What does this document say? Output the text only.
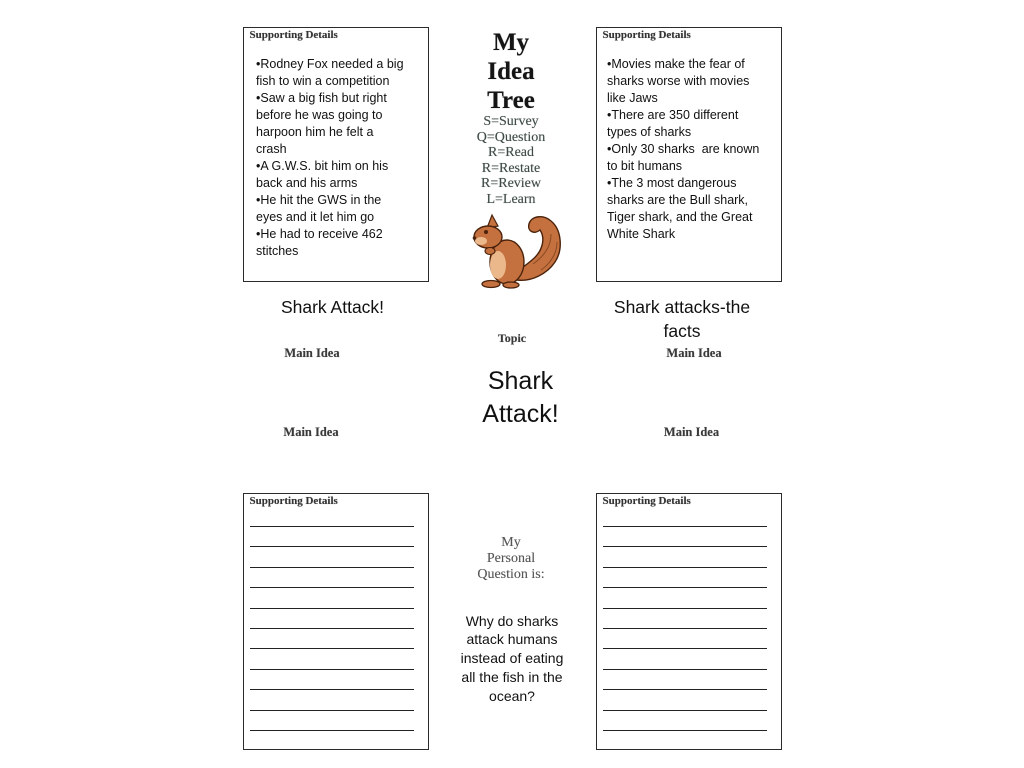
Supporting Details
•Rodney Fox needed a big
fish to win a competition
•Saw a big fish but right
before he was going to
harpoon him he felt a
crash
•A G.W.S. bit him on his
back and his arms
•He hit the GWS in the
eyes and it let him go
•He had to receive 462
stitches
Supporting Details
•Movies make the fear of
sharks worse with movies
like Jaws
•There are 350 different
types of sharks
•Only 30 sharks  are known
to bit humans
•The 3 most dangerous
sharks are the Bull shark,
Tiger shark, and the Great
White Shark
Supporting Details	Supporting Details
My
Idea
Tree
S=Survey
Q=Question
R=Read
R=Restate
R=Review
L=Learn
Shark Attack!	Shark attacks-the
facts
Topic
Main Idea	Main Idea
Main Idea	Main Idea
Shark
Attack!
My
Personal
Question is:
Why do sharks
attack humans
instead of eating
all the fish in the
ocean?
